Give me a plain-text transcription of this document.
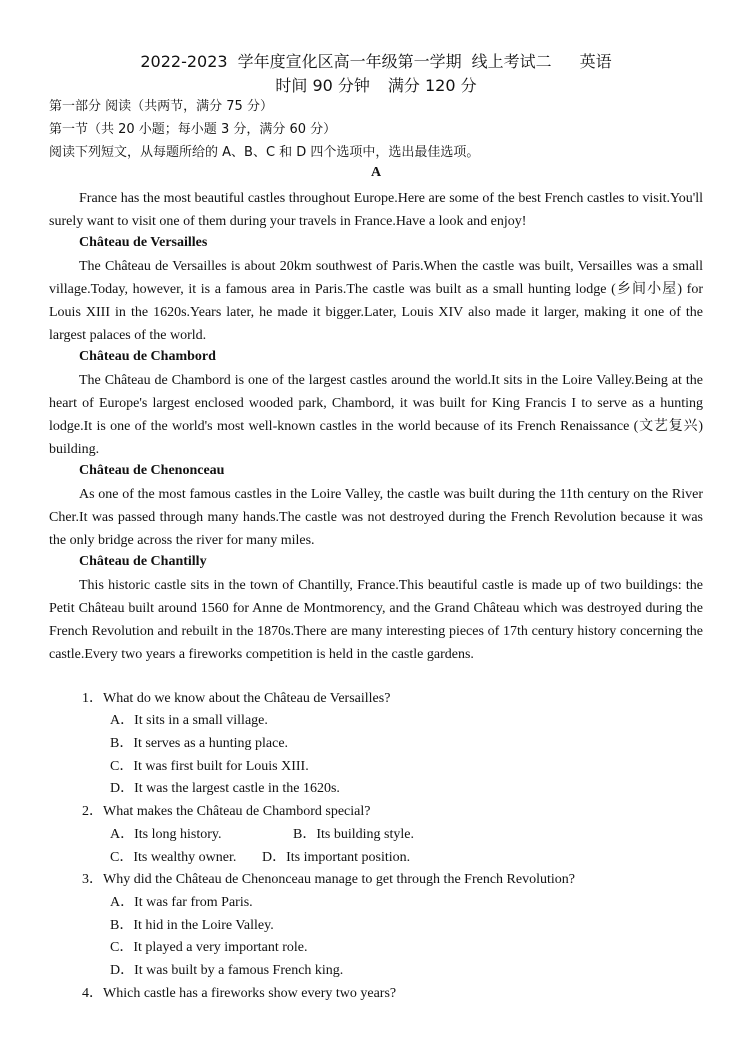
2022-2023 学年度宣化区高一年级第一学期 线上考试二 英语
时间 90 分钟 满分 120 分
第一部分 阅读（共两节，满分 75 分）
第一节（共 20 小题；每小题 3 分，满分 60 分）
阅读下列短文，从每题所给的 A、B、C 和 D 四个选项中，选出最佳选项。
A
France has the most beautiful castles throughout Europe.Here are some of the best French castles to visit.You'll surely want to visit one of them during your travels in France.Have a look and enjoy!
Château de Versailles
The Château de Versailles is about 20km southwest of Paris.When the castle was built, Versailles was a small village.Today, however, it is a famous area in Paris.The castle was built as a small hunting lodge (乡间小屋) for Louis XIII in the 1620s.Years later, he made it bigger.Later, Louis XIV also made it larger, making it one of the largest palaces of the world.
Château de Chambord
The Château de Chambord is one of the largest castles around the world.It sits in the Loire Valley.Being at the heart of Europe's largest enclosed wooded park, Chambord, it was built for King Francis I to serve as a hunting lodge.It is one of the world's most well-known castles in the world because of its French Renaissance (文艺复兴) building.
Château de Chenonceau
As one of the most famous castles in the Loire Valley, the castle was built during the 11th century on the River Cher.It was passed through many hands.The castle was not destroyed during the French Revolution because it was the only bridge across the river for many miles.
Château de Chantilly
This historic castle sits in the town of Chantilly, France.This beautiful castle is made up of two buildings: the Petit Château built around 1560 for Anne de Montmorency, and the Grand Château which was destroyed during the French Revolution and rebuilt in the 1870s.There are many interesting pieces of 17th century history concerning the castle.Every two years a fireworks competition is held in the castle gardens.
1．What do we know about the Château de Versailles?
A．It sits in a small village.
B．It serves as a hunting place.
C．It was first built for Louis XIII.
D．It was the largest castle in the 1620s.
2．What makes the Château de Chambord special?
A．Its long history.	B．Its building style.
C．Its wealthy owner. D．Its important position.
3．Why did the Château de Chenonceau manage to get through the French Revolution?
A．It was far from Paris.
B．It hid in the Loire Valley.
C．It played a very important role.
D．It was built by a famous French king.
4．Which castle has a fireworks show every two years?
